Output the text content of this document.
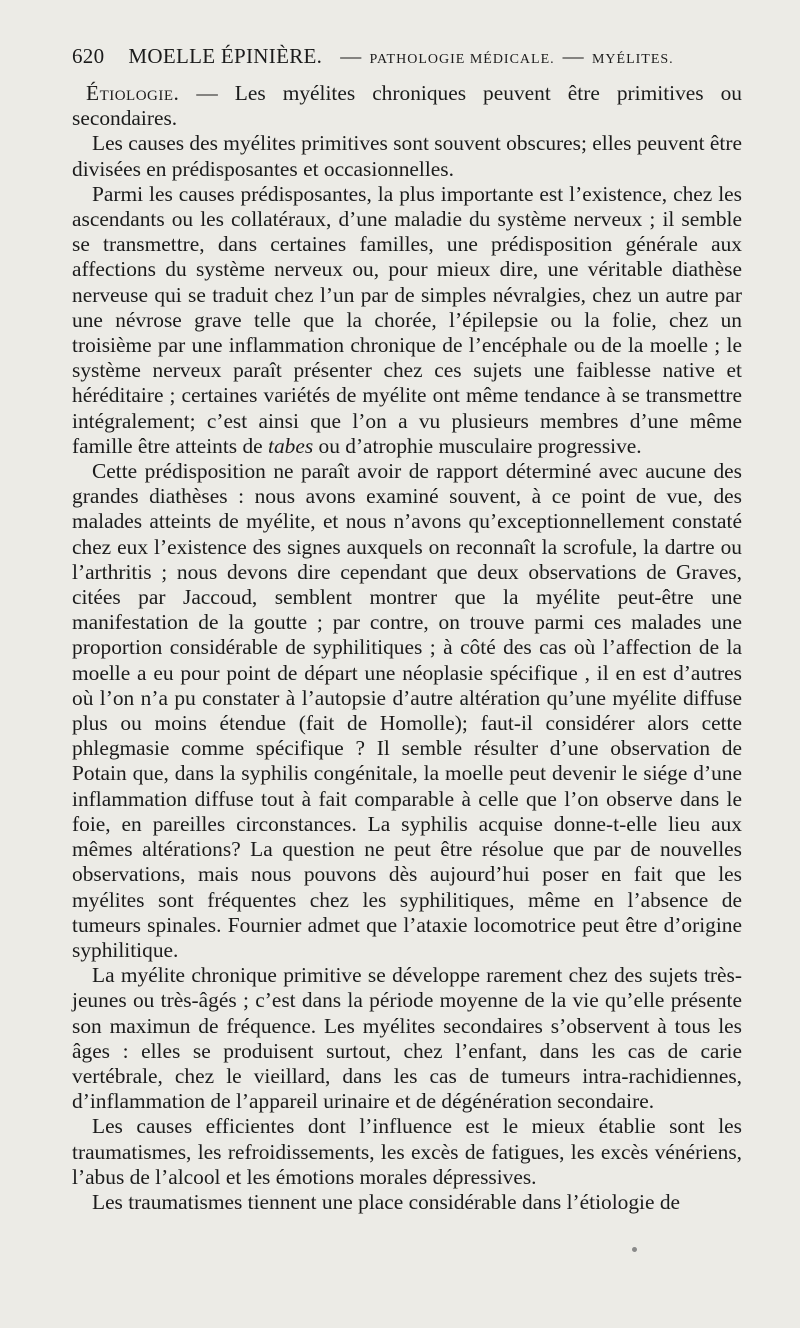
620 MOELLE ÉPINIÈRE. — PATHOLOGIE MÉDICALE. — MYÉLITES.

Étiologie. — Les myélites chroniques peuvent être primitives ou secondaires.

Les causes des myélites primitives sont souvent obscures; elles peuvent être divisées en prédisposantes et occasionnelles.

Parmi les causes prédisposantes, la plus importante est l’existence, chez les ascendants ou les collatéraux, d’une maladie du système nerveux ; il semble se transmettre, dans certaines familles, une prédisposition générale aux affections du système nerveux ou, pour mieux dire, une véritable diathèse nerveuse qui se traduit chez l’un par de simples névralgies, chez un autre par une névrose grave telle que la chorée, l’épilepsie ou la folie, chez un troisième par une inflammation chronique de l’encéphale ou de la moelle ; le système nerveux paraît présenter chez ces sujets une faiblesse native et héréditaire ; certaines variétés de myélite ont même tendance à se transmettre intégralement; c’est ainsi que l’on a vu plusieurs membres d’une même famille être atteints de tabes ou d’atrophie musculaire progressive.

Cette prédisposition ne paraît avoir de rapport déterminé avec aucune des grandes diathèses : nous avons examiné souvent, à ce point de vue, des malades atteints de myélite, et nous n’avons qu’exceptionnellement constaté chez eux l’existence des signes auxquels on reconnaît la scrofule, la dartre ou l’arthritis ; nous devons dire cependant que deux observations de Graves, citées par Jaccoud, semblent montrer que la myélite peut-être une manifestation de la goutte ; par contre, on trouve parmi ces malades une proportion considérable de syphilitiques ; à côté des cas où l’affection de la moelle a eu pour point de départ une néoplasie spécifique , il en est d’autres où l’on n’a pu constater à l’autopsie d’autre altération qu’une myélite diffuse plus ou moins étendue (fait de Homolle); faut-il considérer alors cette phlegmasie comme spécifique ? Il semble résulter d’une observation de Potain que, dans la syphilis congénitale, la moelle peut devenir le siége d’une inflammation diffuse tout à fait comparable à celle que l’on observe dans le foie, en pareilles circonstances. La syphilis acquise donne-t-elle lieu aux mêmes altérations? La question ne peut être résolue que par de nouvelles observations, mais nous pouvons dès aujourd’hui poser en fait que les myélites sont fréquentes chez les syphilitiques, même en l’absence de tumeurs spinales. Fournier admet que l’ataxie locomotrice peut être d’origine syphilitique.

La myélite chronique primitive se développe rarement chez des sujets très-jeunes ou très-âgés ; c’est dans la période moyenne de la vie qu’elle présente son maximun de fréquence. Les myélites secondaires s’observent à tous les âges : elles se produisent surtout, chez l’enfant, dans les cas de carie vertébrale, chez le vieillard, dans les cas de tumeurs intra-rachidiennes, d’inflammation de l’appareil urinaire et de dégénération secondaire.

Les causes efficientes dont l’influence est le mieux établie sont les traumatismes, les refroidissements, les excès de fatigues, les excès vénériens, l’abus de l’alcool et les émotions morales dépressives.

Les traumatismes tiennent une place considérable dans l’étiologie de
